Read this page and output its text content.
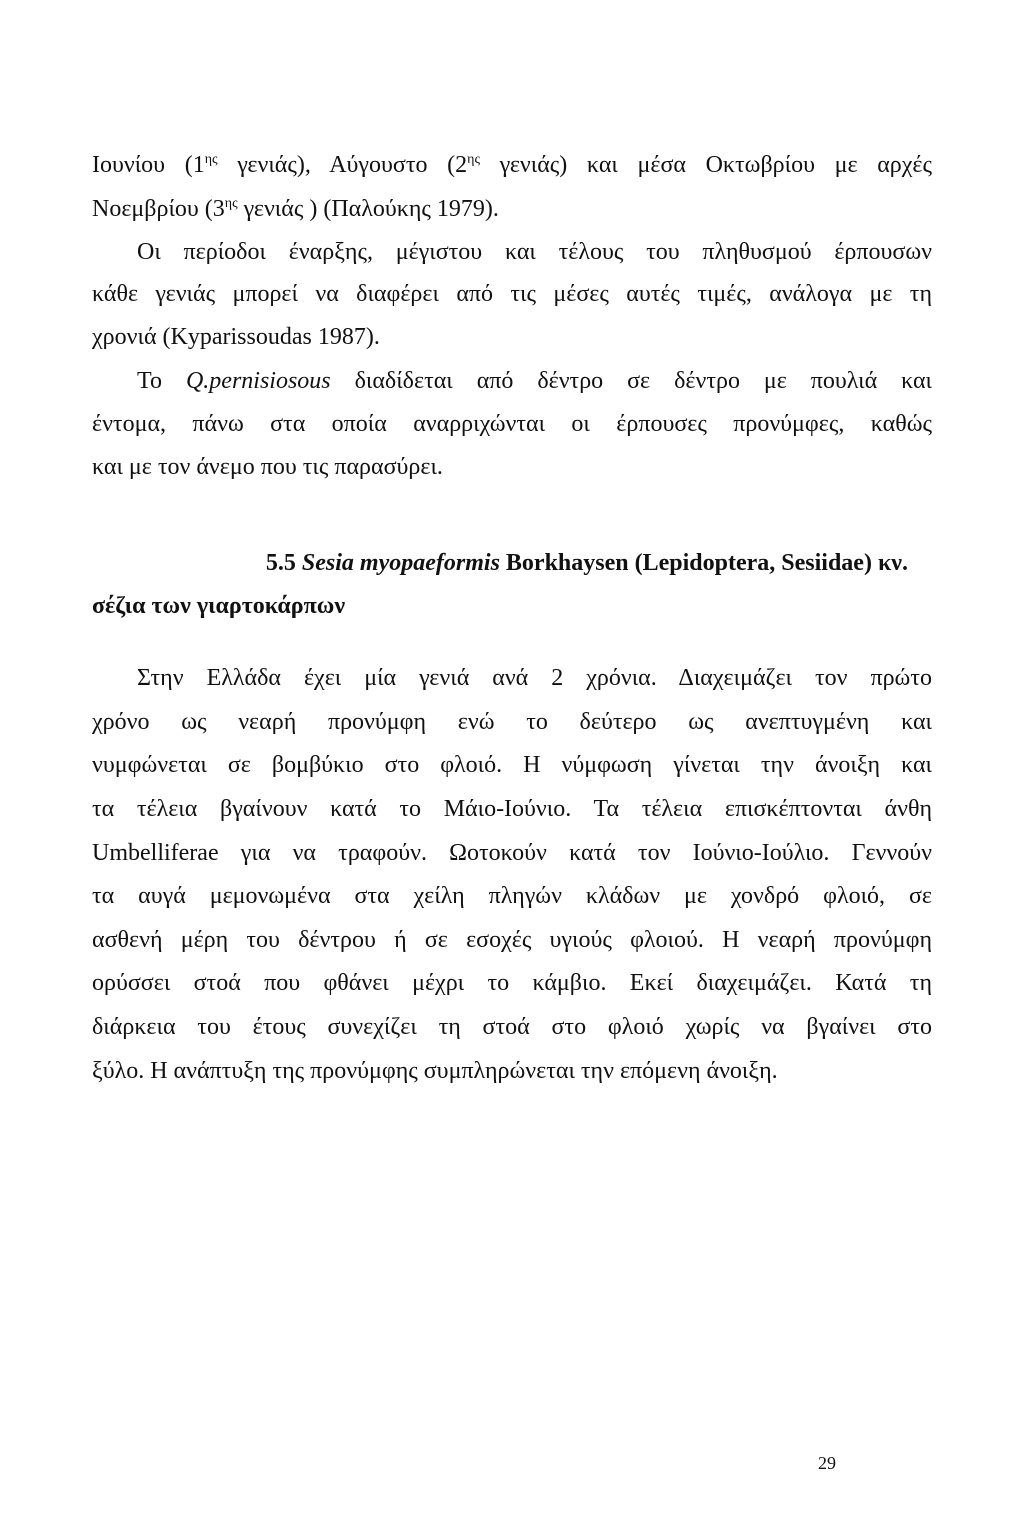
Ιουνίου ($1^{\eta\varsigma}$ γενιάς), Αύγουστο ($2^{\eta\varsigma}$ γενιάς) και μέσα Οκτωβρίου με αρχές
Νοεμβρίου ($3^{\eta\varsigma}$ γενιάς ) (Παλούκης 1979).
Οι περίοδοι έναρξης, μέγιστου και τέλους του πληθυσμού έρπουσων
κάθε γενιάς μπορεί να διαφέρει από τις μέσες αυτές τιμές, ανάλογα με τη
χρονιά (Kyparissoudas 1987).
Το Q.pernisiosous διαδίδεται από δέντρο σε δέντρο με πουλιά και
έντομα, πάνω στα οποία αναρριχώνται οι έρπουσες προνύμφες, καθώς
και με τον άνεμο που τις παρασύρει.
5.5 Sesia myopaeformis Borkhaysen (Lepidoptera, Sesiidae) κν.
σέζια των γιαρτοκάρπων
Στην Ελλάδα έχει μία γενιά ανά 2 χρόνια. Διαχειμάζει τον πρώτο
χρόνο ως νεαρή προνύμφη ενώ το δεύτερο ως ανεπτυγμένη και
νυμφώνεται σε βομβύκιο στο φλοιό. Η νύμφωση γίνεται την άνοιξη και
τα τέλεια βγαίνουν κατά το Μάιο-Ιούνιο. Τα τέλεια επισκέπτονται άνθη
Umbelliferae για να τραφούν. Ωοτοκούν κατά τον Ιούνιο-Ιούλιο. Γεννούν
τα αυγά μεμονωμένα στα χείλη πληγών κλάδων με χονδρό φλοιό, σε
ασθενή μέρη του δέντρου ή σε εσοχές υγιούς φλοιού. Η νεαρή προνύμφη
ορύσσει στοά που φθάνει μέχρι το κάμβιο. Εκεί διαχειμάζει. Κατά τη
διάρκεια του έτους συνεχίζει τη στοά στο φλοιό χωρίς να βγαίνει στο
ξύλο. Η ανάπτυξη της προνύμφης συμπληρώνεται την επόμενη άνοιξη.
29
